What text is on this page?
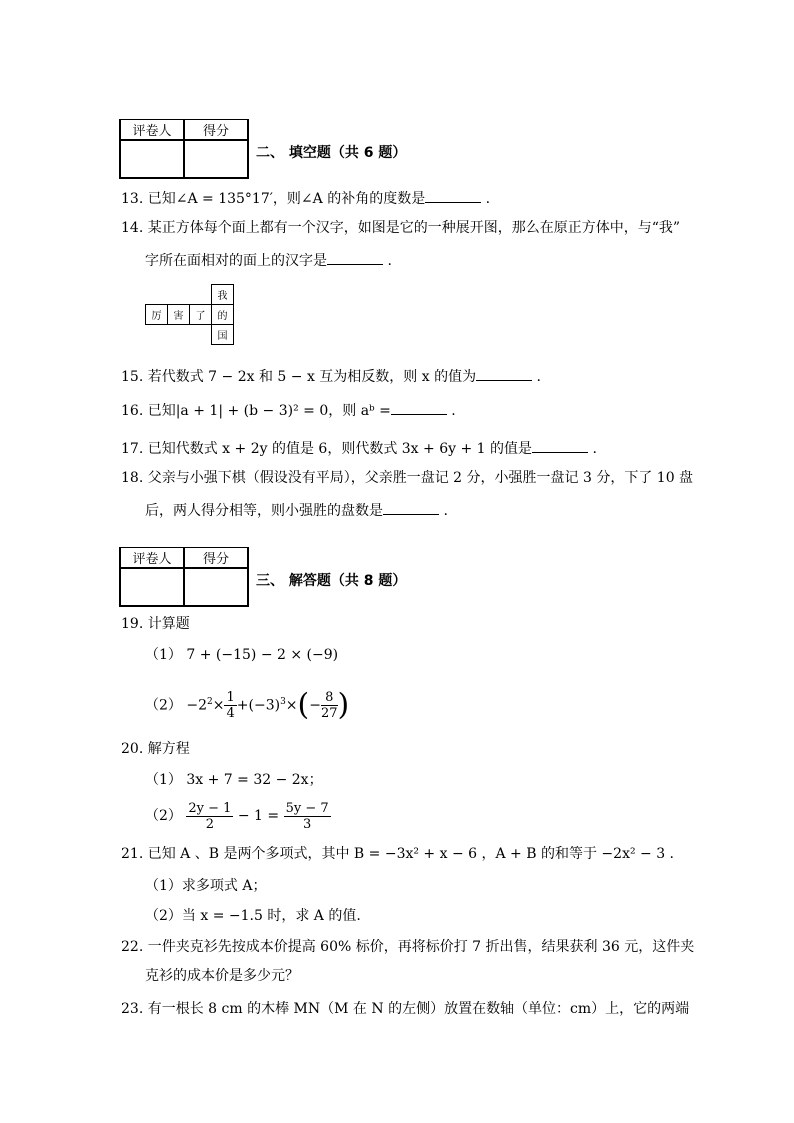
评卷人	得分

二、 填空题（共 6 题）
13. 已知∠A = 135°17′，则∠A 的补角的度数是	.
14. 某正方体每个面上都有一个汉字，如图是它的一种展开图，那么在原正方体中，与“我”
字所在面相对的面上的汉字是	.
			我
厉	害	了	的
			国
15. 若代数式 7 − 2x 和 5 − x 互为相反数，则 x 的值为	.
16. 已知|a + 1| + (b − 3)² = 0，则 aᵇ =	.
17. 已知代数式 x + 2y 的值是 6，则代数式 3x + 6y + 1 的值是	.
18. 父亲与小强下棋（假设没有平局），父亲胜一盘记 2 分，小强胜一盘记 3 分，下了 10 盘
后，两人得分相等，则小强胜的盘数是	.
评卷人	得分

三、 解答题（共 8 题）
19. 计算题
（1） 7 + (−15) − 2 × (−9)
$(2) -2^2\times \frac{1}{4} +(-3)^3\times(- \frac{8}{27}$ )
20. 解方程
（1） 3x + 7 = 32 − 2x；
$(2) \frac{2y - 1}{2} - 1 = \frac{5y - 7}{3}$
21. 已知 A 、B 是两个多项式，其中 B = −3x² + x − 6 ，A + B 的和等于 −2x² − 3 .
（1）求多项式 A；
（2）当 x = −1.5 时，求 A 的值.
22. 一件夹克衫先按成本价提高 60% 标价，再将标价打 7 折出售，结果获利 36 元，这件夹
克衫的成本价是多少元？
23. 有一根长 8 cm 的木棒 MN（M 在 N 的左侧）放置在数轴（单位：cm）上，它的两端
